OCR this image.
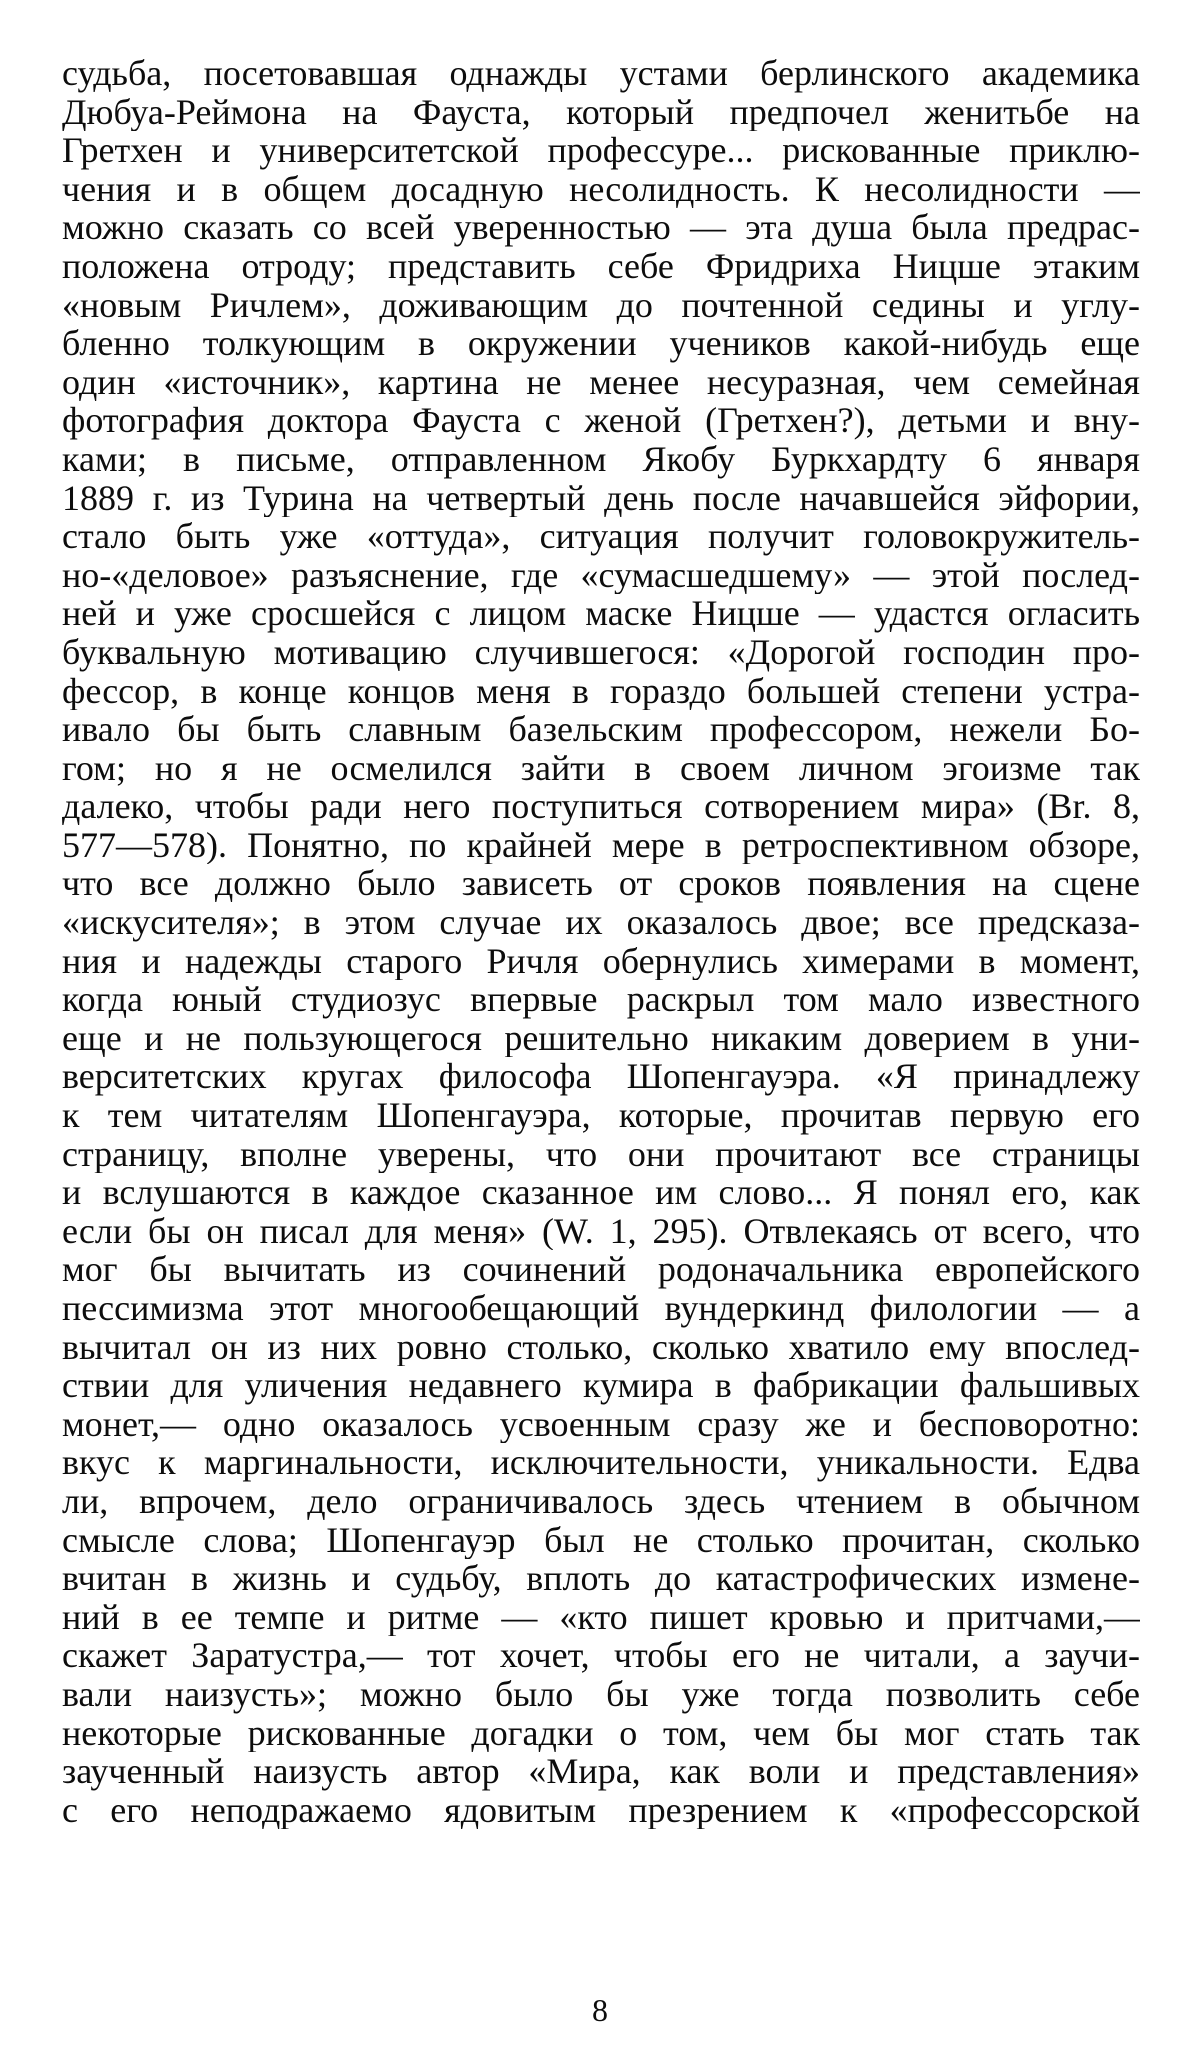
судьба, посетовавшая однажды устами берлинского академика
Дюбуа-Реймона на Фауста, который предпочел женитьбе на
Гретхен и университетской профессуре... рискованные приклю-
чения и в общем досадную несолидность. К несолидности —
можно сказать со всей уверенностью — эта душа была предрас-
положена отроду; представить себе Фридриха Ницше этаким
«новым Ричлем», доживающим до почтенной седины и углу-
бленно толкующим в окружении учеников какой-нибудь еще
один «источник», картина не менее несуразная, чем семейная
фотография доктора Фауста с женой (Гретхен?), детьми и вну-
ками; в письме, отправленном Якобу Буркхардту 6 января
1889 г. из Турина на четвертый день после начавшейся эйфории,
стало быть уже «оттуда», ситуация получит головокружитель-
но-«деловое» разъяснение, где «сумасшедшему» — этой послед-
ней и уже сросшейся с лицом маске Ницше — удастся огласить
буквальную мотивацию случившегося: «Дорогой господин про-
фессор, в конце концов меня в гораздо большей степени устра-
ивало бы быть славным базельским профессором, нежели Бо-
гом; но я не осмелился зайти в своем личном эгоизме так
далеко, чтобы ради него поступиться сотворением мира» (Br. 8,
577—578). Понятно, по крайней мере в ретроспективном обзоре,
что все должно было зависеть от сроков появления на сцене
«искусителя»; в этом случае их оказалось двое; все предсказа-
ния и надежды старого Ричля обернулись химерами в момент,
когда юный студиозус впервые раскрыл том мало известного
еще и не пользующегося решительно никаким доверием в уни-
верситетских кругах философа Шопенгауэра. «Я принадлежу
к тем читателям Шопенгауэра, которые, прочитав первую его
страницу, вполне уверены, что они прочитают все страницы
и вслушаются в каждое сказанное им слово... Я понял его, как
если бы он писал для меня» (W. 1, 295). Отвлекаясь от всего, что
мог бы вычитать из сочинений родоначальника европейского
пессимизма этот многообещающий вундеркинд филологии — а
вычитал он из них ровно столько, сколько хватило ему впослед-
ствии для уличения недавнего кумира в фабрикации фальшивых
монет,— одно оказалось усвоенным сразу же и бесповоротно:
вкус к маргинальности, исключительности, уникальности. Едва
ли, впрочем, дело ограничивалось здесь чтением в обычном
смысле слова; Шопенгауэр был не столько прочитан, сколько
вчитан в жизнь и судьбу, вплоть до катастрофических измене-
ний в ее темпе и ритме — «кто пишет кровью и притчами,—
скажет Заратустра,— тот хочет, чтобы его не читали, а заучи-
вали наизусть»; можно было бы уже тогда позволить себе
некоторые рискованные догадки о том, чем бы мог стать так
заученный наизусть автор «Мира, как воли и представления»
с его неподражаемо ядовитым презрением к «профессорской
8
